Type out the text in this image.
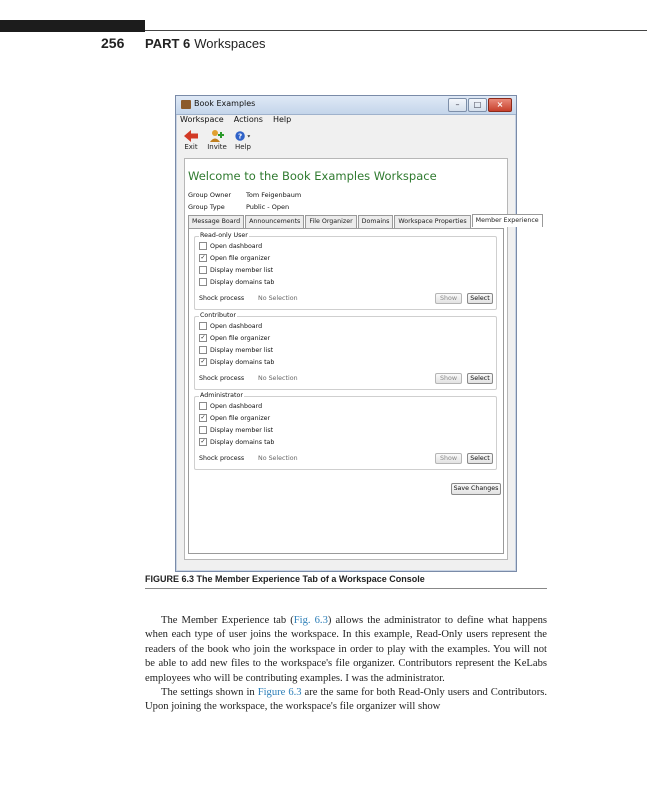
256 PART 6 Workspaces
Book Examples	–	□	×
Workspace Actions Help
Exit Invite
?
Help
Welcome to the Book Examples Workspace
Group Owner Tom Feigenbaum
Group Type	Public - Open
Message Board	Announcements	File Organizer	Domains	Workspace Properties	Member Experience
Read-only User
Open dashboard
✓ Open file organizer
Display member list
Display domains tab
Shock process No Selection	Show	Select
Contributor
Open dashboard
✓ Open file organizer
Display member list
✓ Display domains tab
Shock process No Selection	Show	Select
Administrator
Open dashboard
✓ Open file organizer
Display member list
✓ Display domains tab
Shock process No Selection	Show	Select
Save Changes
FIGURE 6.3 The Member Experience Tab of a Workspace Console

The Member Experience tab (Fig. 6.3) allows the administrator to define what happens when each type of user joins the workspace. In this example, Read-Only users represent the readers of the book who join the workspace in order to play with the examples. You will not be able to add new files to the workspace's file organizer. Contributors represent the KeLabs employees who will be contributing examples. I was the administrator.

The settings shown in Figure 6.3 are the same for both Read-Only users and Contributors. Upon joining the workspace, the workspace's file organizer will show
